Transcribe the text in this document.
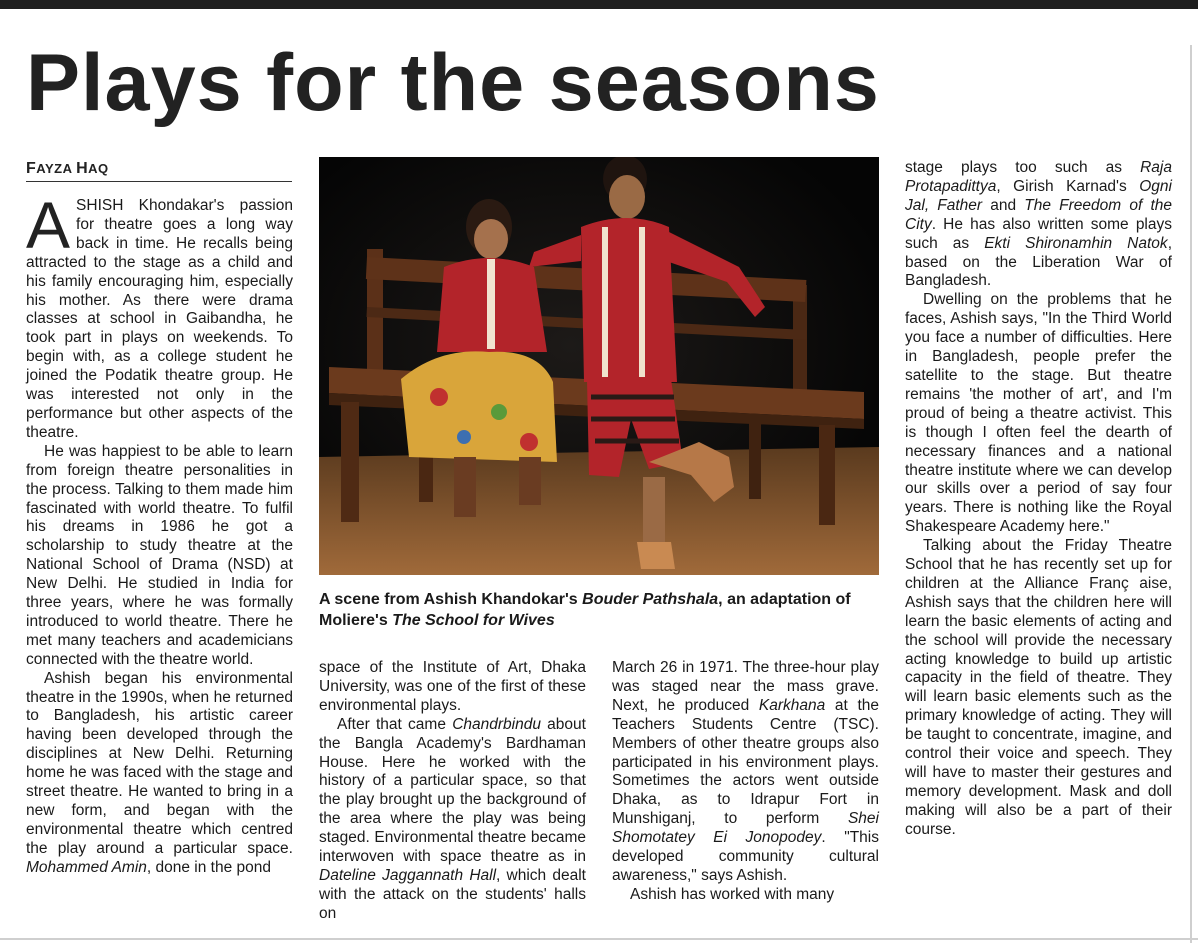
Plays for the seasons
FAYZA HAQ

ASHISH Khondakar's passion for theatre goes a long way back in time. He recalls being attracted to the stage as a child and his family encouraging him, especially his mother. As there were drama classes at school in Gaibandha, he took part in plays on weekends. To begin with, as a college student he joined the Podatik theatre group. He was interested not only in the performance but other aspects of the theatre.

He was happiest to be able to learn from foreign theatre personalities in the process. Talking to them made him fascinated with world theatre. To fulfil his dreams in 1986 he got a scholarship to study theatre at the National School of Drama (NSD) at New Delhi. He studied in India for three years, where he was formally introduced to world theatre. There he met many teachers and academicians connected with the theatre world.

Ashish began his environmental theatre in the 1990s, when he returned to Bangladesh, his artistic career having been developed through the disciplines at New Delhi. Returning home he was faced with the stage and street theatre. He wanted to bring in a new form, and began with the environmental theatre which centred the play around a particular space. Mohammed Amin, done in the pond

A scene from Ashish Khandokar's Bouder Pathshala, an adaptation of Moliere's The School for Wives

space of the Institute of Art, Dhaka University, was one of the first of these environmental plays.

After that came Chandrbindu about the Bangla Academy's Bardhaman House. Here he worked with the history of a particular space, so that the play brought up the background of the area where the play was being staged. Environmental theatre became interwoven with space theatre as in Dateline Jaggannath Hall, which dealt with the attack on the students' halls on

March 26 in 1971. The three-hour play was staged near the mass grave. Next, he produced Karkhana at the Teachers Students Centre (TSC). Members of other theatre groups also participated in his environment plays. Sometimes the actors went outside Dhaka, as to Idrapur Fort in Munshiganj, to perform Shei Shomotatey Ei Jonopodey. "This developed community cultural awareness," says Ashish.

Ashish has worked with many

stage plays too such as Raja Protapadittya, Girish Karnad's Ogni Jal, Father and The Freedom of the City. He has also written some plays such as Ekti Shironamhin Natok, based on the Liberation War of Bangladesh.

Dwelling on the problems that he faces, Ashish says, "In the Third World you face a number of difficulties. Here in Bangladesh, people prefer the satellite to the stage. But theatre remains 'the mother of art', and I'm proud of being a theatre activist. This is though I often feel the dearth of necessary finances and a national theatre institute where we can develop our skills over a period of say four years. There is nothing like the Royal Shakespeare Academy here."

Talking about the Friday Theatre School that he has recently set up for children at the Alliance Franç aise, Ashish says that the children here will learn the basic elements of acting and the school will provide the necessary acting knowledge to build up artistic capacity in the field of theatre. They will learn basic elements such as the primary knowledge of acting. They will be taught to concentrate, imagine, and control their voice and speech. They will have to master their gestures and memory development. Mask and doll making will also be a part of their course.
